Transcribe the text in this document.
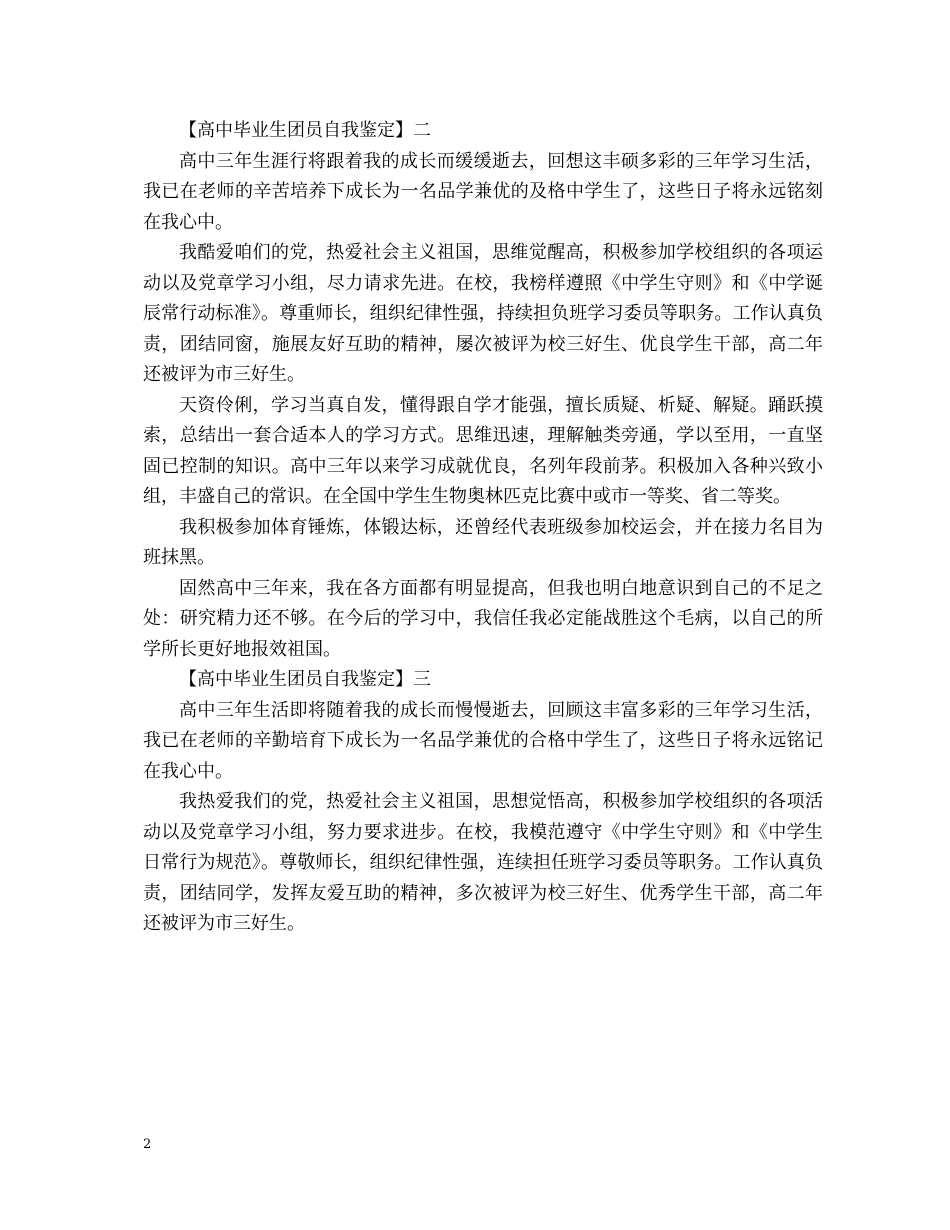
【高中毕业生团员自我鉴定】二

高中三年生涯行将跟着我的成长而缓缓逝去，回想这丰硕多彩的三年学习生活，我已在老师的辛苦培养下成长为一名品学兼优的及格中学生了，这些日子将永远铭刻在我心中。

我酷爱咱们的党，热爱社会主义祖国，思维觉醒高，积极参加学校组织的各项运动以及党章学习小组，尽力请求先进。在校，我榜样遵照《中学生守则》和《中学诞辰常行动标准》。尊重师长，组织纪律性强，持续担负班学习委员等职务。工作认真负责，团结同窗，施展友好互助的精神，屡次被评为校三好生、优良学生干部，高二年还被评为市三好生。

天资伶俐，学习当真自发，懂得跟自学才能强，擅长质疑、析疑、解疑。踊跃摸索，总结出一套合适本人的学习方式。思维迅速，理解触类旁通，学以至用，一直坚固已控制的知识。高中三年以来学习成就优良，名列年段前茅。积极加入各种兴致小组，丰盛自己的常识。在全国中学生生物奥林匹克比赛中或市一等奖、省二等奖。

我积极参加体育锤炼，体锻达标，还曾经代表班级参加校运会，并在接力名目为班抹黑。

固然高中三年来，我在各方面都有明显提高，但我也明白地意识到自己的不足之处：研究精力还不够。在今后的学习中，我信任我必定能战胜这个毛病，以自己的所学所长更好地报效祖国。

【高中毕业生团员自我鉴定】三

高中三年生活即将随着我的成长而慢慢逝去，回顾这丰富多彩的三年学习生活，我已在老师的辛勤培育下成长为一名品学兼优的合格中学生了，这些日子将永远铭记在我心中。

我热爱我们的党，热爱社会主义祖国，思想觉悟高，积极参加学校组织的各项活动以及党章学习小组，努力要求进步。在校，我模范遵守《中学生守则》和《中学生日常行为规范》。尊敬师长，组织纪律性强，连续担任班学习委员等职务。工作认真负责，团结同学，发挥友爱互助的精神，多次被评为校三好生、优秀学生干部，高二年还被评为市三好生。

2
